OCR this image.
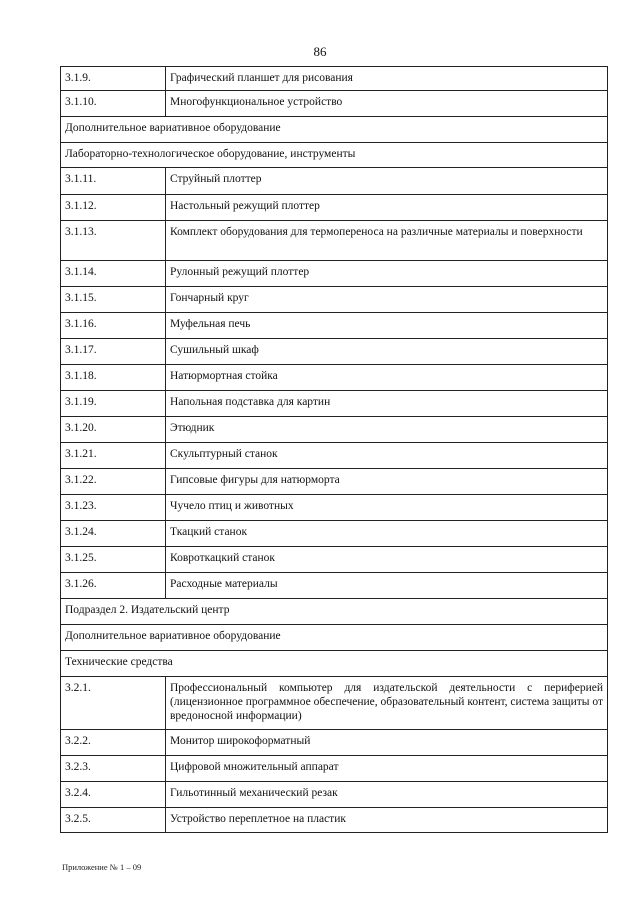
86
3.1.9.	Графический планшет для рисования
3.1.10.	Многофункциональное устройство
Дополнительное вариативное оборудование	
Лабораторно-технологическое оборудование, инструменты	
3.1.11.	Струйный плоттер
3.1.12.	Настольный режущий плоттер
3.1.13.	Комплект оборудования для термопереноса на различные материалы и поверхности
3.1.14.	Рулонный режущий плоттер
3.1.15.	Гончарный круг
3.1.16.	Муфельная печь
3.1.17.	Сушильный шкаф
3.1.18.	Натюрмортная стойка
3.1.19.	Напольная подставка для картин
3.1.20.	Этюдник
3.1.21.	Скульптурный станок
3.1.22.	Гипсовые фигуры для натюрморта
3.1.23.	Чучело птиц и животных
3.1.24.	Ткацкий станок
3.1.25.	Ковроткацкий станок
3.1.26.	Расходные материалы
Подраздел 2. Издательский центр	
Дополнительное вариативное оборудование	
Технические средства	
3.2.1.	Профессиональный компьютер для издательской деятельности с периферией (лицензионное программное обеспечение, образовательный контент, система защиты от вредоносной информации)
3.2.2.	Монитор широкоформатный
3.2.3.	Цифровой множительный аппарат
3.2.4.	Гильотинный механический резак
3.2.5.	Устройство переплетное на пластик
Приложение № 1 – 09
